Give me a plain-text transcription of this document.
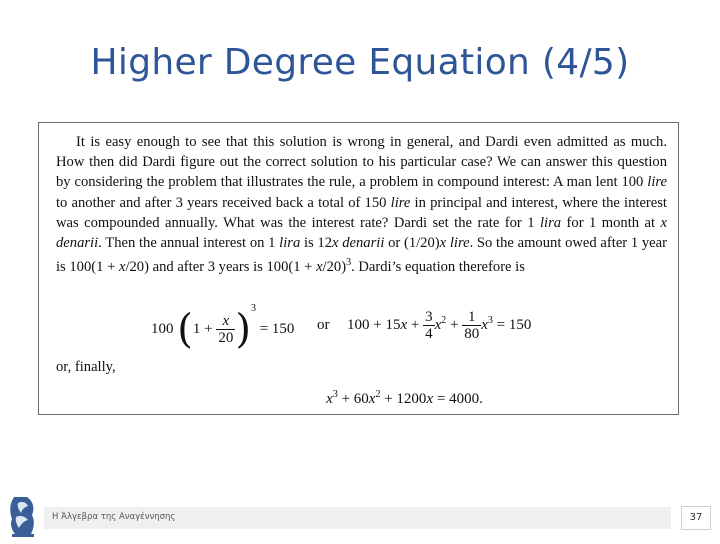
Higher Degree Equation (4/5)
It is easy enough to see that this solution is wrong in general, and Dardi even admitted as much. How then did Dardi figure out the correct solution to his particular case? We can answer this question by considering the problem that illustrates the rule, a problem in compound interest: A man lent 100 lire to another and after 3 years received back a total of 150 lire in principal and interest, where the interest was compounded annually. What was the interest rate? Dardi set the rate for 1 lira for 1 month at x denarii. Then the annual interest on 1 lira is 12x denarii or (1/20)x lire. So the amount owed after 1 year is 100(1 + x/20) and after 3 years is $100(1 + x/20)^3$. Dardi’s equation therefore is
100 $(1 + \frac{x}{20} )^3 = 150$ or $100 + 15x + \frac{3}{4} x^2 + \frac{1}{80} x^3 = 150$
or, finally,
$x^3 + 60x^2 + 1200x = 4000$.
Η Άλγεβρα της Αναγέννησης	37
